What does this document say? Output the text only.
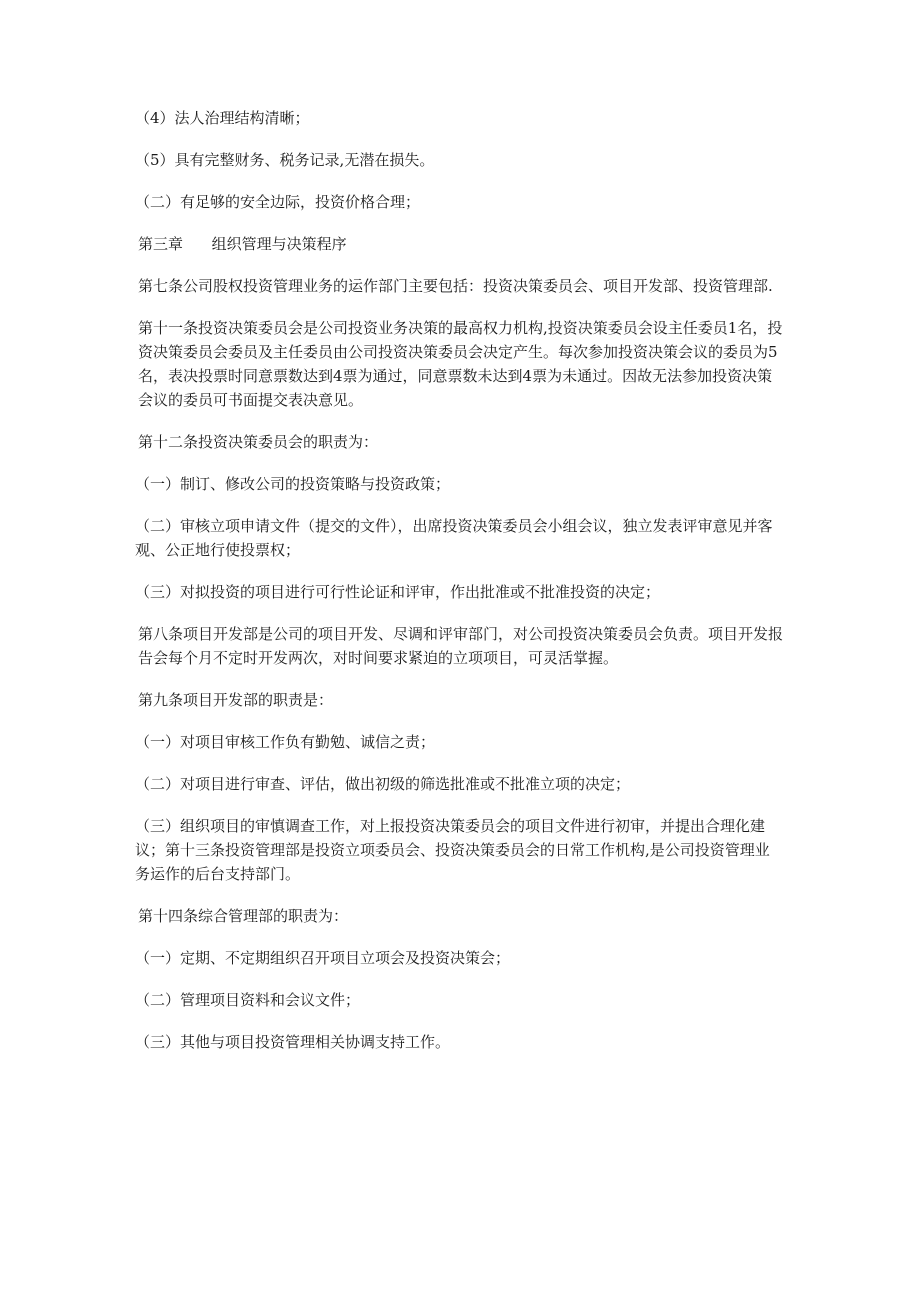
（4）法人治理结构清晰；

（5）具有完整财务、税务记录,无潜在损失。

（二）有足够的安全边际，投资价格合理；

第三章      组织管理与决策程序

第七条公司股权投资管理业务的运作部门主要包括：投资决策委员会、项目开发部、投资管理部.

第十一条投资决策委员会是公司投资业务决策的最高权力机构,投资决策委员会设主任委员1名，投资决策委员会委员及主任委员由公司投资决策委员会决定产生。每次参加投资决策会议的委员为5名，表决投票时同意票数达到4票为通过，同意票数未达到4票为未通过。因故无法参加投资决策会议的委员可书面提交表决意见。

第十二条投资决策委员会的职责为：

（一）制订、修改公司的投资策略与投资政策；

（二）审核立项申请文件（提交的文件），出席投资决策委员会小组会议，独立发表评审意见并客观、公正地行使投票权；

（三）对拟投资的项目进行可行性论证和评审，作出批准或不批准投资的决定；

第八条项目开发部是公司的项目开发、尽调和评审部门，对公司投资决策委员会负责。项目开发报告会每个月不定时开发两次，对时间要求紧迫的立项项目，可灵活掌握。

第九条项目开发部的职责是：

（一）对项目审核工作负有勤勉、诚信之责；

（二）对项目进行审查、评估，做出初级的筛选批准或不批准立项的决定；

（三）组织项目的审慎调查工作，对上报投资决策委员会的项目文件进行初审，并提出合理化建议；第十三条投资管理部是投资立项委员会、投资决策委员会的日常工作机构,是公司投资管理业务运作的后台支持部门。

第十四条综合管理部的职责为：

（一）定期、不定期组织召开项目立项会及投资决策会；

（二）管理项目资料和会议文件；

（三）其他与项目投资管理相关协调支持工作。
